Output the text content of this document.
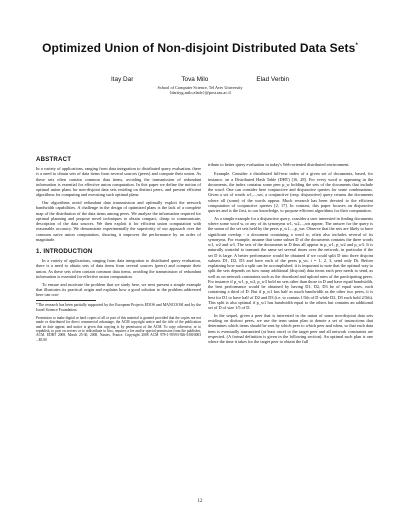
Optimized Union of Non-disjoint Distributed Data Sets*
Itay Dar	Tova Milo	Elad Verbin
School of Computer Science, Tel Aviv University
{darityg,milo,eladv}@post.tau.ac.il
ABSTRACT

In a variety of applications, ranging from data integration to distributed query evaluation, there is a need to obtain sets of data items from several sources (peers) and compute their union. As these sets often contain common data items, avoiding the transmission of redundant information is essential for effective union computation. In this paper we define the notion of optimal union plans for non-disjoint data sets residing on distinct peers, and present efficient algorithms for computing and executing such optimal plans.

Our algorithms avoid redundant data transmission and optimally exploit the network bandwidth capabilities. A challenge in the design of optimized plans is the lack of a complete map of the distribution of the data items among peers. We analyze the information required for optimal planning and propose novel techniques to obtain compact, cheap to communicate, description of the data sources. We then exploit it for efficient union computation with reasonable accuracy. We demonstrate experimentally the superiority of our approach over the common naive union computation, showing it improves the performance by an order of magnitude.

1. INTRODUCTION

In a variety of applications, ranging from data integration to distributed query evaluation, there is a need to obtain sets of data items from several sources (peers) and compute their union. As these sets often contain common data items, avoiding the transmission of redundant information is essential for effective union computation.

To ensure and motivate the problem that we study here, we next present a simple example that illustrates its practical origin and explains how a good solution to the problem addressed here can con-

*The research has been partially supported by the European Projects EDOS and MANCOOSI and by the Israel Science Foundation.

Permission to make digital or hard copies of all or part of this material is granted provided that the copies are not made or distributed for direct commercial advantage, the ACM copyright notice and the title of the publication and its date appear, and notice is given that copying is by permission of the ACM. To copy otherwise, or to republish, to post on servers or to redistribute to lists, requires a fee and/or special permission from the publisher, ACM. EDBT 2008, March 25-30, 2008, Nantes, France. Copyright 2008 ACM 978-1-59593-926-5/08/0003 ...$5.00

tribute to better query evaluation in today's Web-oriented distributed environment.

Example. Consider a distributed full-text index of a given set of documents, based, for instance, on a Distributed Hash Table (DHT) [16, 28]. For every word w appearing in the documents, the index contains some peer p_w holding the sets of the documents that include the word. One can consider here conjunctive and disjunctive queries for some combinations. Given a set of words w1,...,wn, a conjunctive (resp. disjunctive) query returns the documents where all (some) of the words appear. Much research has been devoted to the efficient computation of conjunctive queries [2, 17]. In contrast, this paper focuses on disjunctive queries and is the first, to our knowledge, to propose efficient algorithms for their computation.

As a simple example for a disjunctive query, consider a user interested in finding documents where some word w, or any of its synonyms w1, w2,...,wn appear. The answer for the query is the union of the set sets held by the peers p_w1,...,p_wn. Observe that the sets are likely to have significant overlap - a document containing a word w, often also includes several of its synonyms. For example, assume that some subset D of the documents contains the three words w1, w2 and w3. The sets of the documents in D thus all appear in p_w1, p_w2 and p_w3. It is naturally wasteful to transmit the same set several times over the network, in particular if the set D is large. A better performance would be obtained if we could split D into three disjoint subsets D1, D2, D3 and have each of the peers p_wi, i = 1, 2, 3, send only Di. Before explaining how such a split can be accomplished, it is important to note that the optimal way to split the sets depends on how many additional (disjoint) data items each peer needs to send, as well as on network constraints such as the download and upload rates of the participating peers. For instance if p_w1, p_w2, p_w3 hold no sets other than those in D and have equal bandwidth, the best performance would be obtained by having D1, D2, D3 be of equal sizes, each containing a third of D. But if p_w1 has half as much bandwidth as the other two peers, it is best for D1 to have half of D2 and D3 (i.e. to contain 1/5th of D while D2, D3 each hold 2/5th). This split is also optimal if p_w1 has bandwidth equal to the others but contains an additional set of D of size 1/5 of D.

In the sequel, given a peer that is interested in the union of some non-disjoint data sets residing on distinct peers, we use the term union plan to denote a set of instructions that determines which items should be sent by which peer to which peer and when, so that each data item is eventually transmitted (at least once) to the target peer and all network constraints are respected. (A formal definition is given in the following section). An optimal such plan is one where the time it takes for the target peer to obtain the full

12
